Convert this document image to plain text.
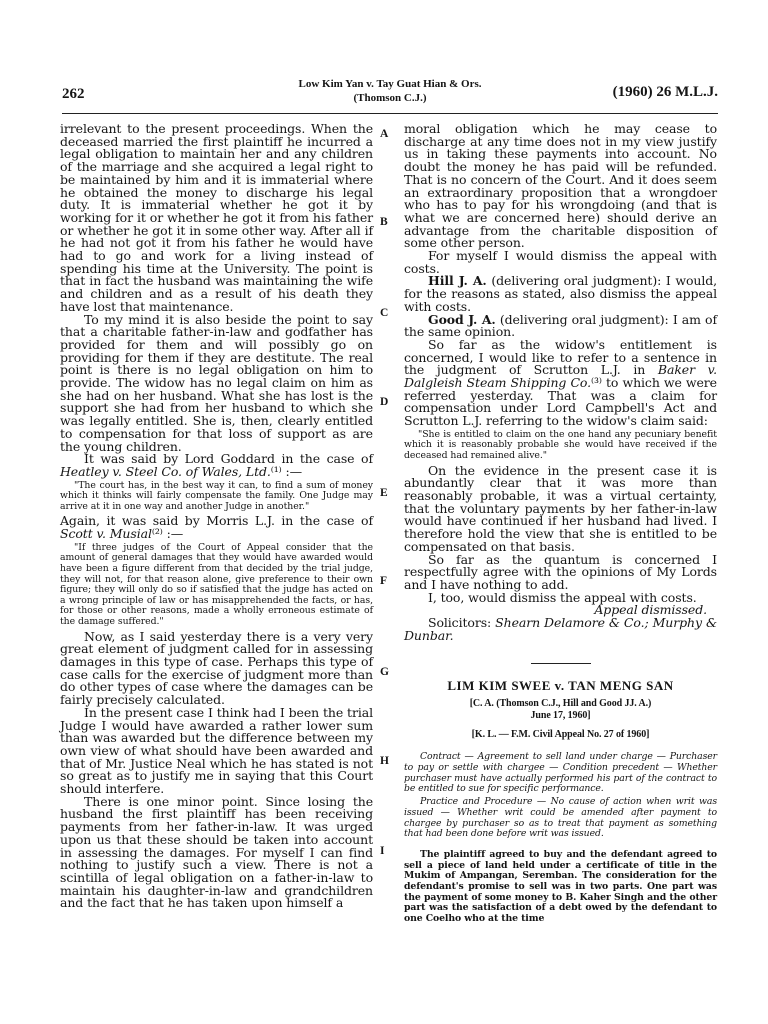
262
Low Kim Yan v. Tay Guat Hian & Ors.
(Thomson C.J.)	(1960) 26 M.L.J.

irrelevant to the present proceedings. When the deceased married the first plaintiff he incurred a legal obligation to maintain her and any children of the marriage and she acquired a legal right to be maintained by him and it is immaterial where he obtained the money to discharge his legal duty. It is immaterial whether he got it by working for it or whether he got it from his father or whether he got it in some other way. After all if he had not got it from his father he would have had to go and work for a living instead of spending his time at the University. The point is that in fact the husband was maintaining the wife and children and as a result of his death they have lost that maintenance.

To my mind it is also beside the point to say that a charitable father-in-law and godfather has provided for them and will possibly go on providing for them if they are destitute. The real point is there is no legal obligation on him to provide. The widow has no legal claim on him as she had on her husband. What she has lost is the support she had from her husband to which she was legally entitled. She is, then, clearly entitled to compensation for that loss of support as are the young children.

It was said by Lord Goddard in the case of Heatley v. Steel Co. of Wales, Ltd.⁽¹⁾ :—

"The court has, in the best way it can, to find a sum of money which it thinks will fairly compensate the family. One Judge may arrive at it in one way and another Judge in another."

Again, it was said by Morris L.J. in the case of Scott v. Musial⁽²⁾ :—

"If three judges of the Court of Appeal consider that the amount of general damages that they would have awarded would have been a figure different from that decided by the trial judge, they will not, for that reason alone, give preference to their own figure; they will only do so if satisfied that the judge has acted on a wrong principle of law or has misapprehended the facts, or has, for those or other reasons, made a wholly erroneous estimate of the damage suffered."

Now, as I said yesterday there is a very very great element of judgment called for in assessing damages in this type of case. Perhaps this type of case calls for the exercise of judgment more than do other types of case where the damages can be fairly precisely calculated.

In the present case I think had I been the trial Judge I would have awarded a rather lower sum than was awarded but the difference between my own view of what should have been awarded and that of Mr. Justice Neal which he has stated is not so great as to justify me in saying that this Court should interfere.

There is one minor point. Since losing the husband the first plaintiff has been receiving payments from her father-in-law. It was urged upon us that these should be taken into account in assessing the damages. For myself I can find nothing to justify such a view. There is not a scintilla of legal obligation on a father-in-law to maintain his daughter-in-law and grandchildren and the fact that he has taken upon himself a

A
B
C
D
E
F
G
H
I

moral obligation which he may cease to discharge at any time does not in my view justify us in taking these payments into account. No doubt the money he has paid will be refunded. That is no concern of the Court. And it does seem an extraordinary proposition that a wrongdoer who has to pay for his wrongdoing (and that is what we are concerned here) should derive an advantage from the charitable disposition of some other person.

For myself I would dismiss the appeal with costs.

Hill J. A. (delivering oral judgment): I would, for the reasons as stated, also dismiss the appeal with costs.

Good J. A. (delivering oral judgment): I am of the same opinion.

So far as the widow's entitlement is concerned, I would like to refer to a sentence in the judgment of Scrutton L.J. in Baker v. Dalgleish Steam Shipping Co.⁽³⁾ to which we were referred yesterday. That was a claim for compensation under Lord Campbell's Act and Scrutton L.J. referring to the widow's claim said:

"She is entitled to claim on the one hand any pecuniary benefit which it is reasonably probable she would have received if the deceased had remained alive."

On the evidence in the present case it is abundantly clear that it was more than reasonably probable, it was a virtual certainty, that the voluntary payments by her father-in-law would have continued if her husband had lived. I therefore hold the view that she is entitled to be compensated on that basis.

So far as the quantum is concerned I respectfully agree with the opinions of My Lords and I have nothing to add.

I, too, would dismiss the appeal with costs.

Appeal dismissed.

Solicitors: Shearn Delamore & Co.; Murphy & Dunbar.

LIM KIM SWEE v. TAN MENG SAN
[C. A. (Thomson C.J., Hill and Good JJ. A.)
June 17, 1960]
[K. L. — F.M. Civil Appeal No. 27 of 1960]

Contract — Agreement to sell land under charge — Purchaser to pay or settle with chargee — Condition precedent — Whether purchaser must have actually performed his part of the contract to be entitled to sue for specific performance.

Practice and Procedure — No cause of action when writ was issued — Whether writ could be amended after payment to chargee by purchaser so as to treat that payment as something that had been done before writ was issued.

The plaintiff agreed to buy and the defendant agreed to sell a piece of land held under a certificate of title in the Mukim of Ampangan, Seremban. The consideration for the defendant's promise to sell was in two parts. One part was the payment of some money to B. Kaher Singh and the other part was the satisfaction of a debt owed by the defendant to one Coelho who at the time
